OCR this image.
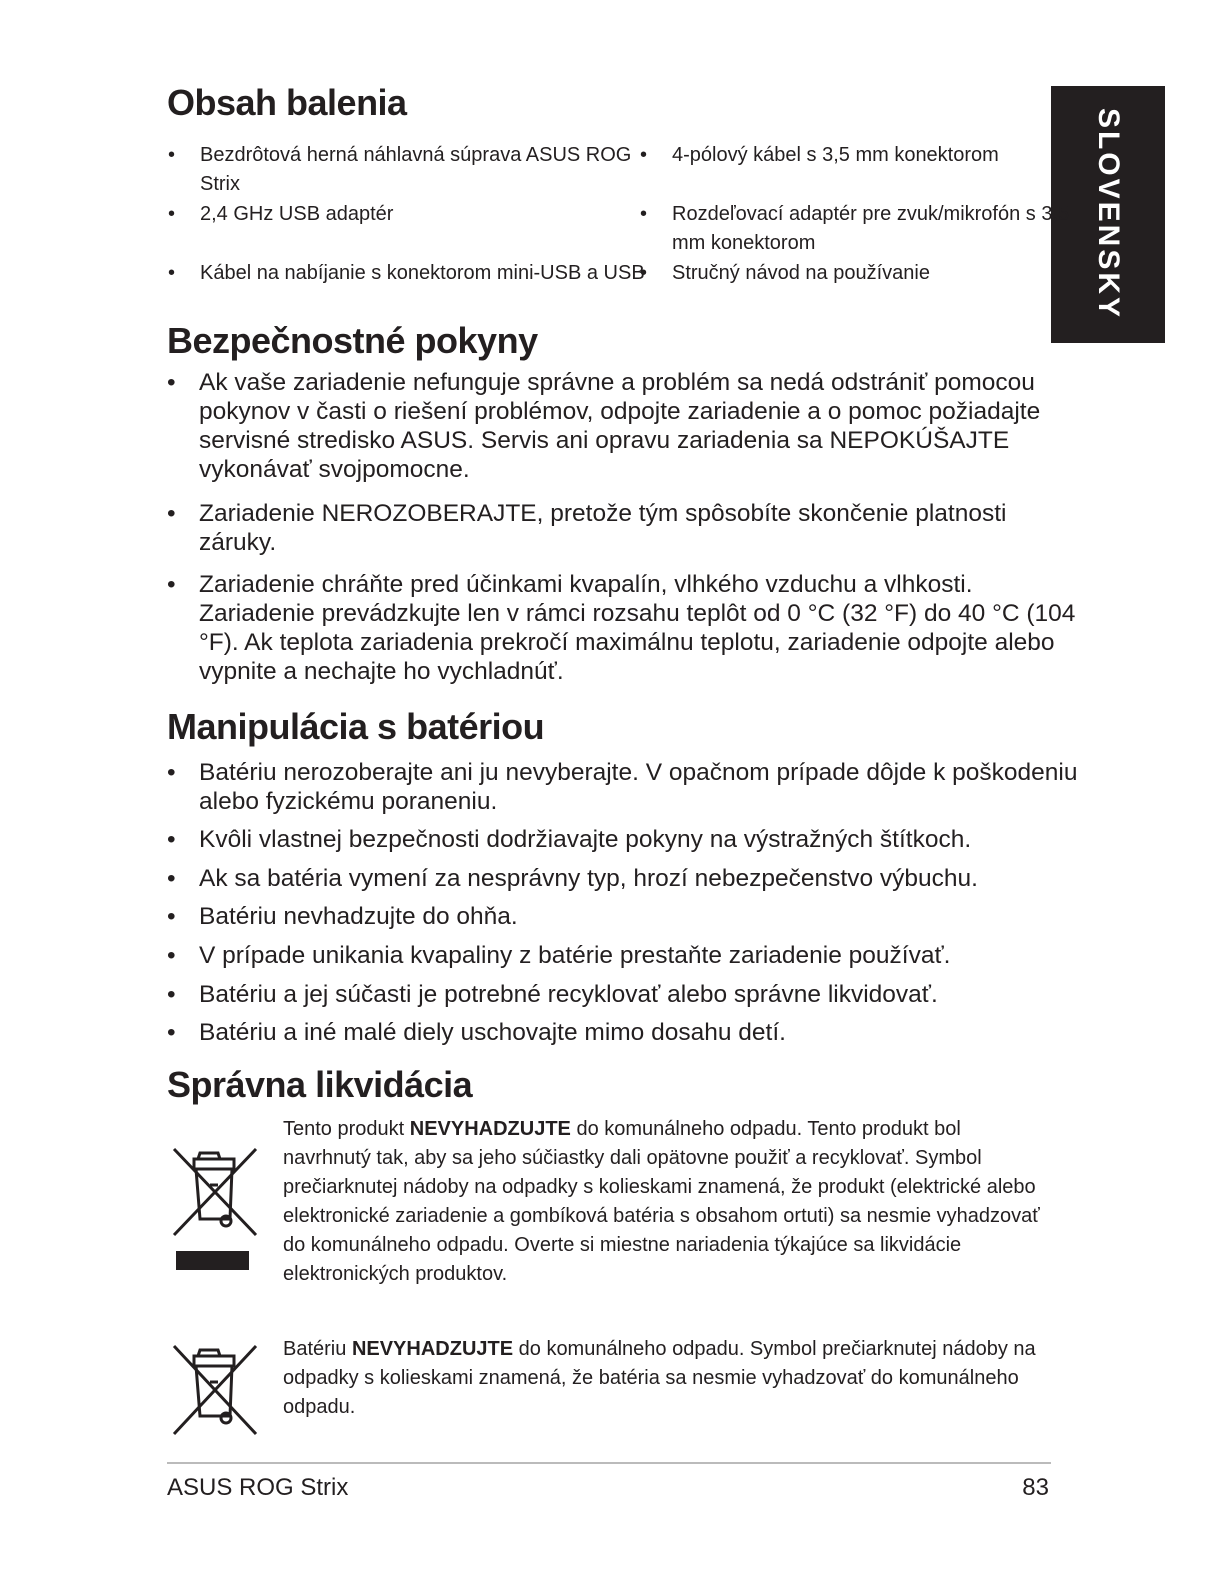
SLOVENSKY
Obsah balenia

• Bezdrôtová herná náhlavná súprava ASUS ROG Strix

• 2,4 GHz USB adaptér

• Kábel na nabíjanie s konektorom mini-USB a USB

• 4-pólový kábel s 3,5 mm konektorom

• Rozdeľovací adaptér pre zvuk/mikrofón s 3,5 mm konektorom

• Stručný návod na používanie

Bezpečnostné pokyny

• Ak vaše zariadenie nefunguje správne a problém sa nedá odstrániť pomocou pokynov v časti o riešení problémov, odpojte zariadenie a o pomoc požiadajte servisné stredisko ASUS. Servis ani opravu zariadenia sa NEPOKÚŠAJTE vykonávať svojpomocne.

• Zariadenie NEROZOBERAJTE, pretože tým spôsobíte skončenie platnosti záruky.

• Zariadenie chráňte pred účinkami kvapalín, vlhkého vzduchu a vlhkosti. Zariadenie prevádzkujte len v rámci rozsahu teplôt od 0 °C (32 °F) do 40 °C (104 °F). Ak teplota zariadenia prekročí maximálnu teplotu, zariadenie odpojte alebo vypnite a nechajte ho vychladnúť.

Manipulácia s batériou

• Batériu nerozoberajte ani ju nevyberajte. V opačnom prípade dôjde k poškodeniu alebo fyzickému poraneniu.

• Kvôli vlastnej bezpečnosti dodržiavajte pokyny na výstražných štítkoch.

• Ak sa batéria vymení za nesprávny typ, hrozí nebezpečenstvo výbuchu.

• Batériu nevhadzujte do ohňa.

• V prípade unikania kvapaliny z batérie prestaňte zariadenie používať.

• Batériu a jej súčasti je potrebné recyklovať alebo správne likvidovať.

• Batériu a iné malé diely uschovajte mimo dosahu detí.

Správna likvidácia

Tento produkt NEVYHADZUJTE do komunálneho odpadu. Tento produkt bol navrhnutý tak, aby sa jeho súčiastky dali opätovne použiť a recyklovať. Symbol prečiarknutej nádoby na odpadky s kolieskami znamená, že produkt (elektrické alebo elektronické zariadenie a gombíková batéria s obsahom ortuti) sa nesmie vyhadzovať do komunálneho odpadu. Overte si miestne nariadenia týkajúce sa likvidácie elektronických produktov.

Batériu NEVYHADZUJTE do komunálneho odpadu. Symbol prečiarknutej nádoby na odpadky s kolieskami znamená, že batéria sa nesmie vyhadzovať do komunálneho odpadu.

ASUS ROG Strix	83
